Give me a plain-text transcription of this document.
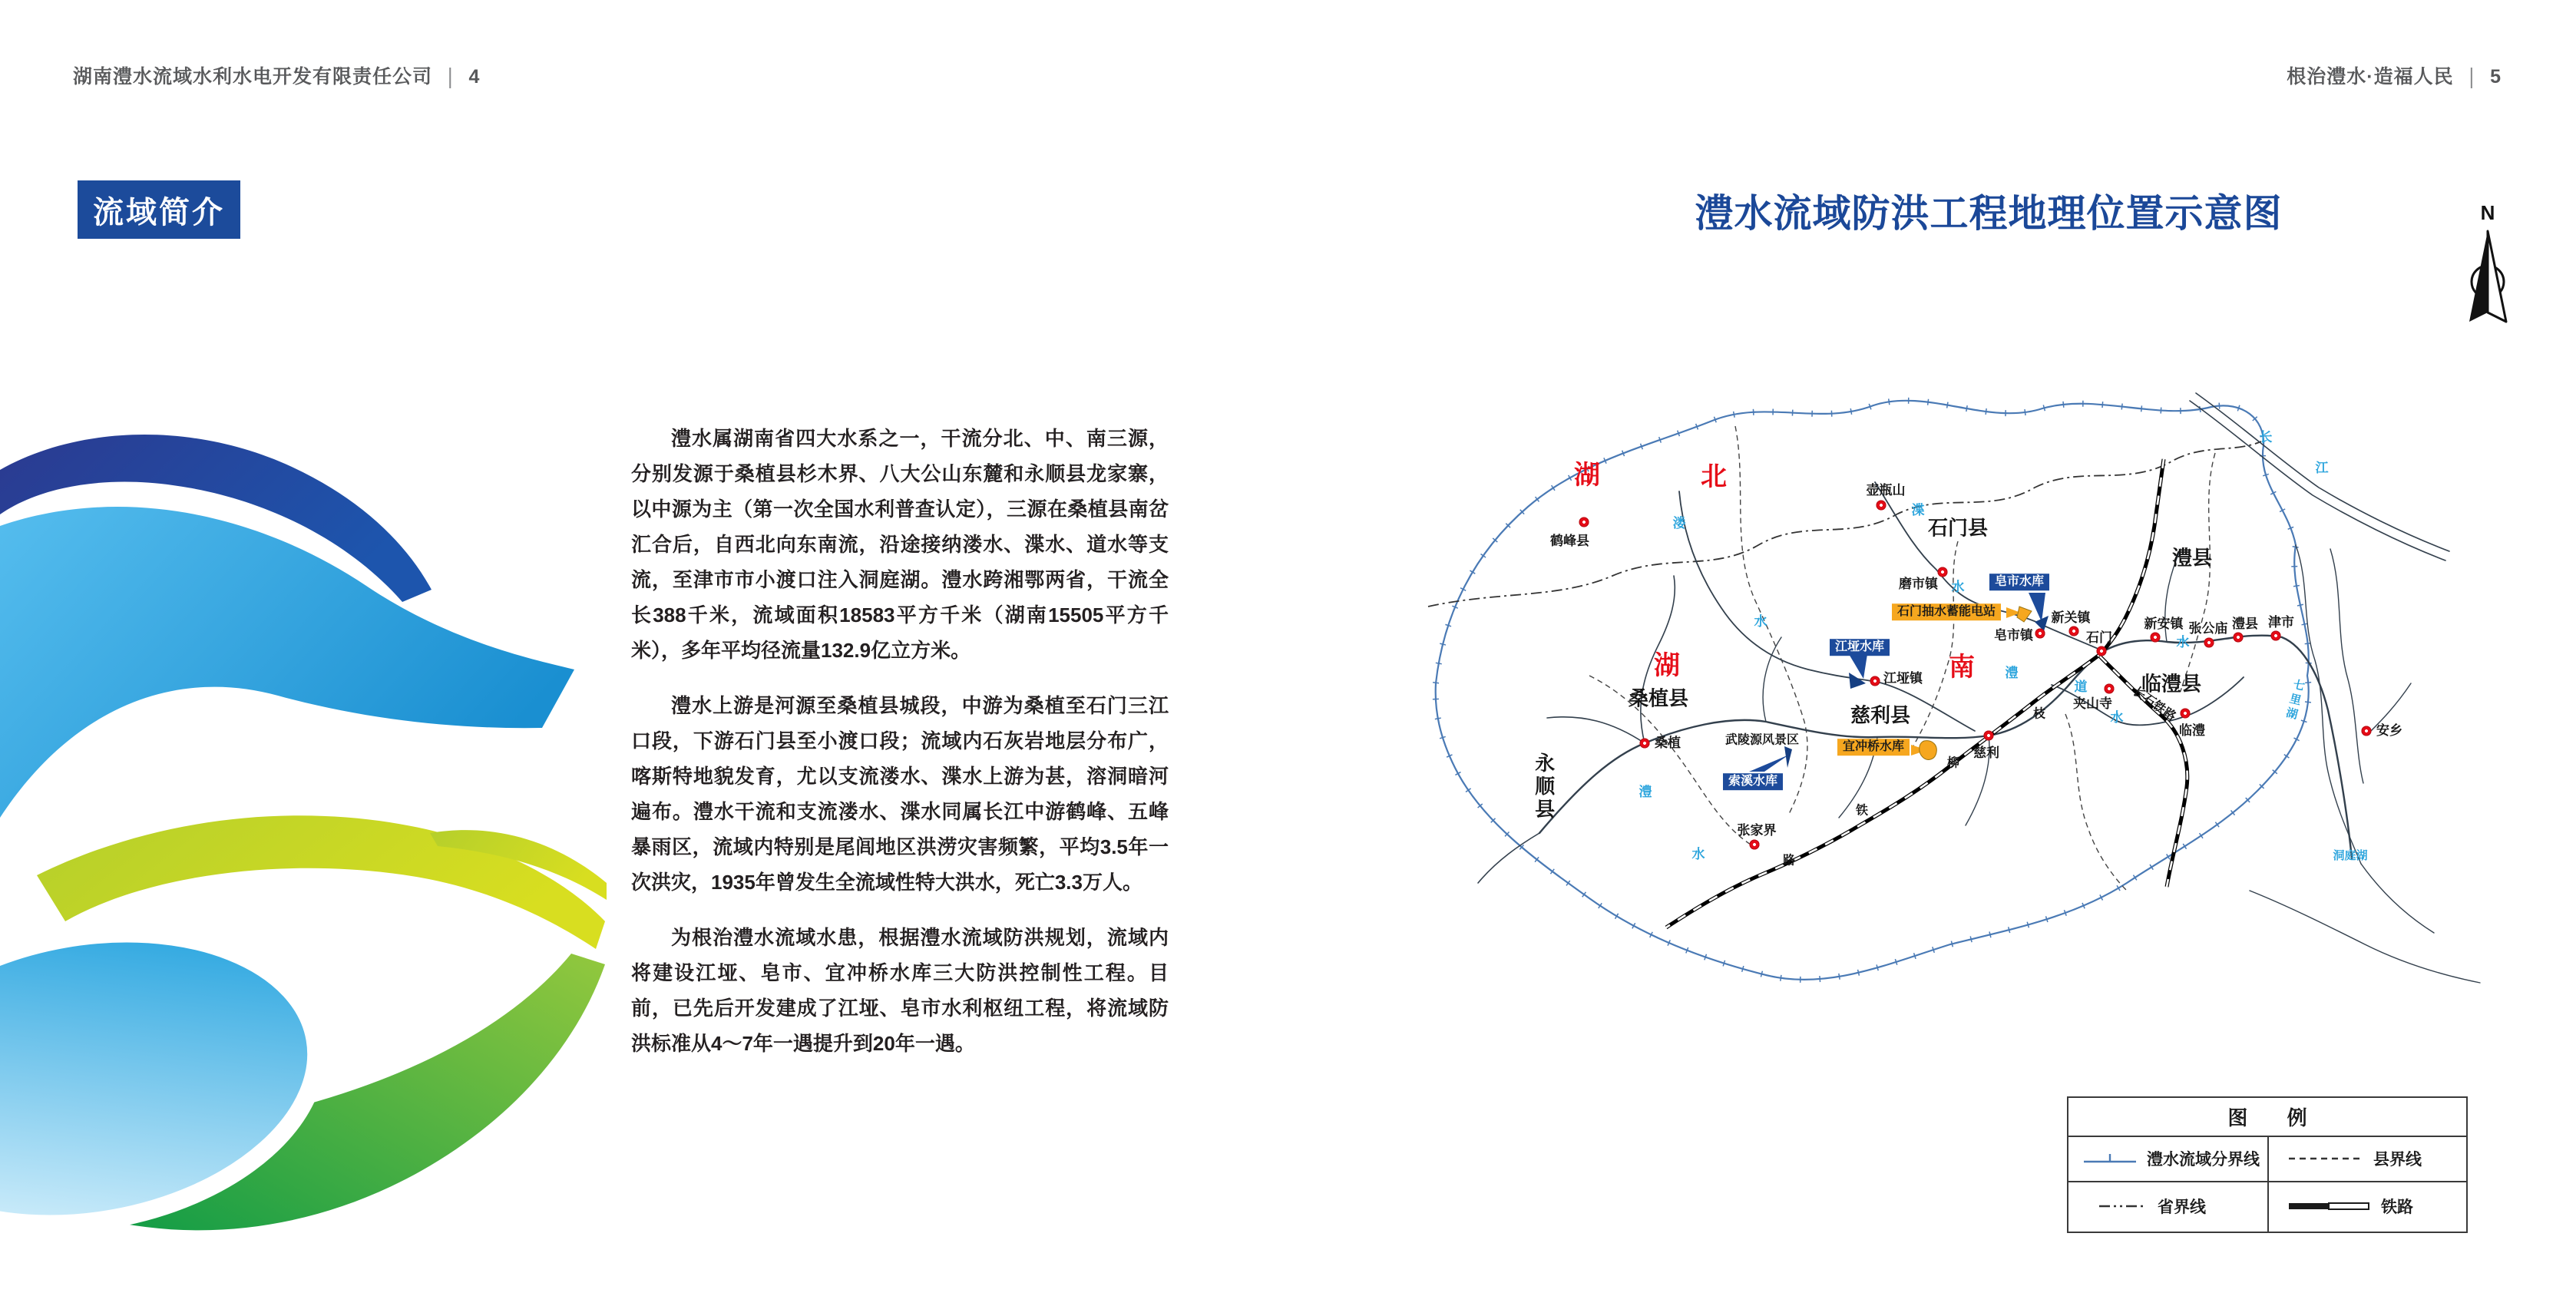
湖南澧水流域水利水电开发有限责任公司 | 4	根治澧水·造福人民 | 5
流域简介

澧水属湖南省四大水系之一，干流分北、中、南三源，分别发源于桑植县杉木界、八大公山东麓和永顺县龙家寨，以中源为主（第一次全国水利普查认定），三源在桑植县南岔汇合后，自西北向东南流，沿途接纳溇水、渫水、道水等支流，至津市市小渡口注入洞庭湖。澧水跨湘鄂两省，干流全长388千米，流域面积18583平方千米（湖南15505平方千米），多年平均径流量132.9亿立方米。

澧水上游是河源至桑植县城段，中游为桑植至石门三江口段，下游石门县至小渡口段；流域内石灰岩地层分布广，喀斯特地貌发育，尤以支流溇水、渫水上游为甚，溶洞暗河遍布。澧水干流和支流溇水、渫水同属长江中游鹤峰、五峰暴雨区，流域内特别是尾闾地区洪涝灾害频繁，平均3.5年一次洪灾，1935年曾发生全流域性特大洪水，死亡3.3万人。

为根治澧水流域水患，根据澧水流域防洪规划，流域内将建设江垭、皂市、宜冲桥水库三大防洪控制性工程。目前，已先后开发建成了江垭、皂市水利枢纽工程，将流域防洪标准从4～7年一遇提升到20年一遇。

澧水流域防洪工程地理位置示意图	N
湖	北
湖	南
石门县
澧县
临澧县
慈利县
桑植县
永顺县
武陵源风景区
溇
水
渫
水
澧
水
澧
水
道
水
长
江
七里湖
洞庭湖
枝
柳
铁
路
长石铁路
鹤峰县
壶瓶山
磨市镇
皂市镇
新关镇
石门
新安镇 张公庙 澧县 津市
夹山寺
临澧
慈利
江垭镇
张家界
桑植
安乡
江垭水库
皂市水库
索溪水库
石门抽水蓄能电站
宜冲桥水库
图 例
澧水流域分界线	县界线
省界线	铁路
